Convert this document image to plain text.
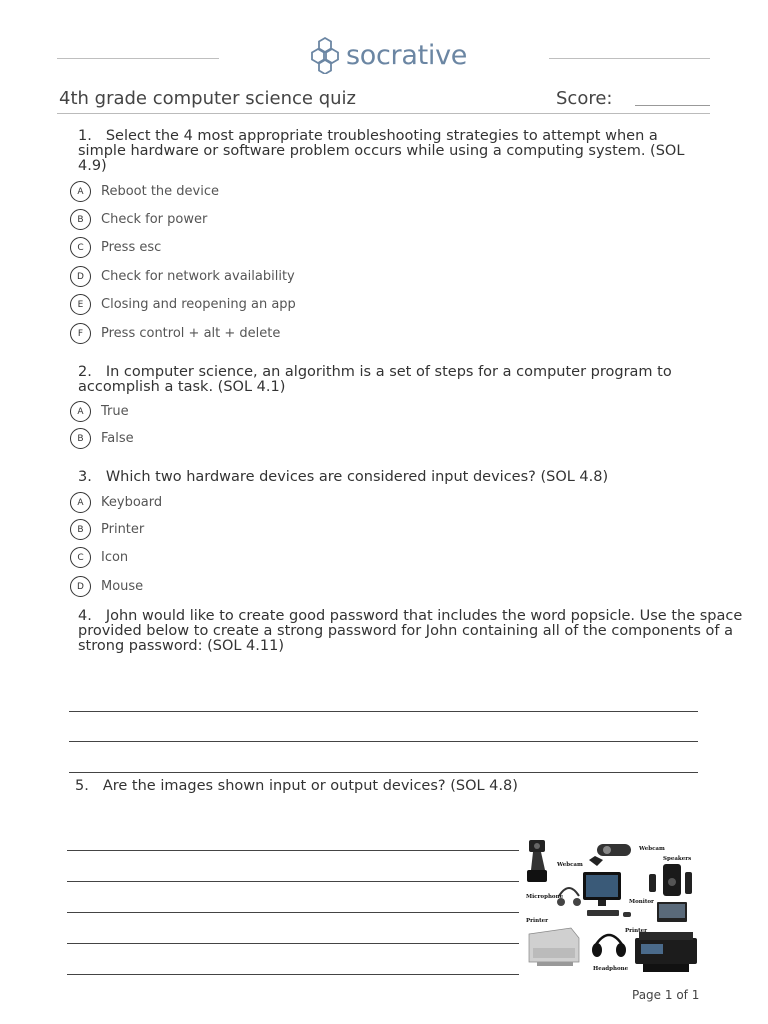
socrative
4th grade computer science quiz	Score:
1. Select the 4 most appropriate troubleshooting strategies to attempt when a simple hardware or software problem occurs while using a computing system. (SOL 4.9)
A	Reboot the device
B	Check for power
C	Press esc
D	Check for network availability
E	Closing and reopening an app
F	Press control + alt + delete
2. In computer science, an algorithm is a set of steps for a computer program to accomplish a task. (SOL 4.1)
A	True
B	False
3. Which two hardware devices are considered input devices? (SOL 4.8)
A	Keyboard
B	Printer
C	Icon
D	Mouse
4. John would like to create good password that includes the word popsicle. Use the space provided below to create a strong password for John containing all of the components of a strong password: (SOL 4.11)
5. Are the images shown input or output devices? (SOL 4.8)
Webcam
Webcam
Speakers
Microphone
Monitor
Printer
Printer
Headphone
Page 1 of 1
